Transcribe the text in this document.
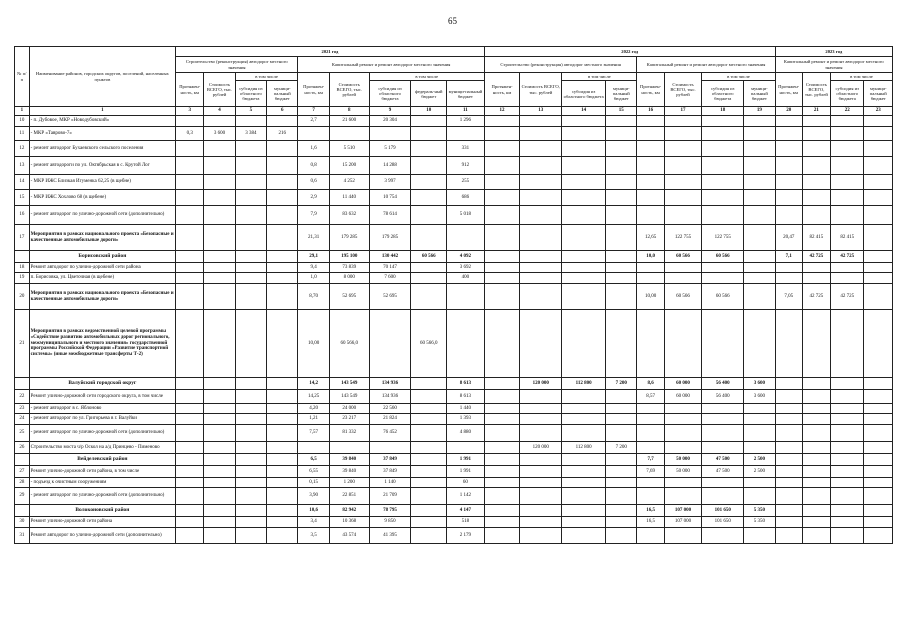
65
№ п/п	Наименование районов, городских округов, поселений, населенных пунктов	2021 год									2022 год								2023 год			
		Строительство (реконструкция) автодорог местного значения				Капитальный ремонт и ремонт автодорог местного значения					Строительство (реконструкция) автодорог местного значения				Капитальный ремонт и ремонт автодорог местного значения				Капитальный ремонт и ремонт автодорог местного значения			
		Протяжен-ность, км	Стоимость ВСЕГО, тыс. рублей	в том числе		Протяжен-ность, км	Стоимость ВСЕГО, тыс. рублей	в том числе			Протяжен-ность, км	Стоимость ВСЕГО, тыс. рублей	в том числе		Протяжен-ность, км	Стоимость ВСЕГО, тыс. рублей	в том числе		Протяжен-ность, км	Стоимость ВСЕГО, тыс. рублей	в том числе	
				субсидия из областного бюджета	муници-пальный бюджет			субсидия из областного бюджета	федераль-ный бюджет	муници-пальный бюджет			субсидия из областного бюджета	муници-пальный бюджет			субсидия из областного бюджета	муници-пальный бюджет			субсидия из областного бюджета	муници-пальный бюджет
1	1	3	4	5	6	7	8	9	10	11	12	13	14	15	16	17	18	19	20	21	22	23
10	- п. Дубовое, МКР «Новодубовский»					2,7	21 600	20 304		1 296												
11	- МКР «Таврово-7»	0,3	3 600	3 384	216																	
12	- ремонт автодорог Бухаевского сельского поселения					1,6	5 510	5 179		331												
13	- ремонт автодороги по ул. Октябрьская в с. Крутой Лог					0,8	15 200	14 288		912												
14	- МКР ИЖС Близкая Игуменка 62,25 (в щебне)					0,6	4 252	3 997		255												
15	- МКР ИЖС Хохлово 68 (в щебене)					2,9	11 440	10 754		686												
16	- ремонт автодорог по улично-дорожной сети (дополнительно)					7,9	83 632	78 614		5 018												
17	Мероприятия в рамках национального проекта «Безопасные и качественные автомобильные дороги»					21,31	179 285	179 285							12,65	122 755	122 755		20,47	82 415	82 415	
	Борисовский район					29,1	195 100	130 442	60 566	4 092					10,0	60 566	60 566		7,1	42 725	42 725	
18	Ремонт автодорог по улично-дорожной сети района					9,4	73 839	70 147		3 692												
19	п. Борисовка, ул. Цветочная (в щебене)					1,0	8 000	7 600		400												
20	Мероприятия в рамках национального проекта «Безопасные и качественные автомобильные дороги»					8,70	52 695	52 695							10,00	60 566	60 566		7,05	42 725	42 725	
21	Мероприятия в рамках ведомственной целевой программы «Содействие развитию автомобильных дорог регионального, межмуниципального и местного значения» государственной программы Российской Федерации «Развитие транспортной системы» (иные межбюджетные трансферты Т-2)					10,00	60 566,0		60 566,0													
	Валуйский городской округ					14,2	143 549	134 936		8 613		120 000	112 800	7 200	8,6	60 000	56 400	3 600				
22	Ремонт улично-дорожной сети городского округа, в том числе					14,25	143 549	134 936		8 613					8,57	60 000	56 400	3 600				
23	- ремонт автодорог в с. Яблоново					4,20	24 000	22 560		1 440												
24	- ремонт автодорог по ул. Григорьева в г. Валуйки					1,21	23 217	21 824		1 393												
25	- ремонт автодорог по улично-дорожной сети (дополнительно)					7,57	81 332	76 452		4 880												
26	Строительство моста ч/р Оскол на а/д Принцево - Пименово											120 000	112 800	7 200								
	Вейделевский район					6,5	39 840	37 849		1 991					7,7	50 000	47 500	2 500				
27	Ремонт улично-дорожной сети района, в том числе					6,55	39 840	37 849		1 991					7,69	50 000	47 500	2 500				
28	- подъезд к очистным сооружениям					0,15	1 200	1 140		60												
29	- ремонт автодорог по улично-дорожной сети (дополнительно)					3,90	22 851	21 709		1 142												
	Волоконовский район					10,6	82 942	78 795		4 147					16,5	107 000	101 650	5 350				
30	Ремонт улично-дорожной сети района					3,4	10 368	9 850		518					16,5	107 000	101 650	5 350				
31	Ремонт автодорог по улично-дорожной сети (дополнительно)					3,5	43 574	41 395		2 179												
